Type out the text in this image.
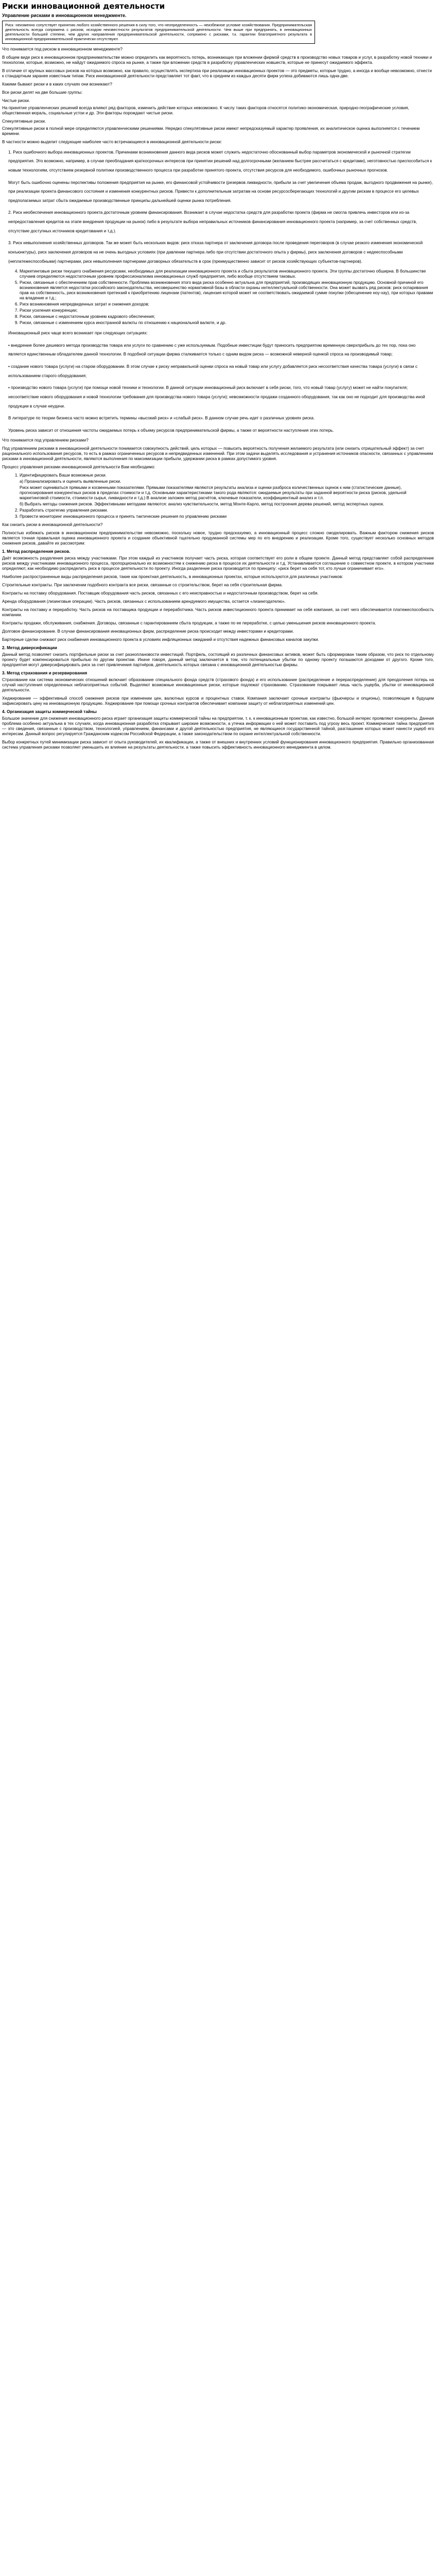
Риски инновационной деятельности
Управление рисками в инновационном менеджменте.
Риск -неизменно сопутствует принятию любого хозяйственного решения в силу того, что неопределенность — неизбежное условие хозяйствования. Предпринимательская деятельность всегда сопряжена с риском, исходом неизвестности результатов предпринимательской деятельности. Чем выше при предпринять, в инновационных деятельности большей степени, чем других направления предпринимательской деятельности, сопряжено с рисками, т.к. гарантии благоприятного результата в инновационной предпринимательской практически отсутствуют.

Что понимается под риском в инновационном менеджменте?

В общем виде риск в инновационном предпринимательстве можно определить как вероятность потерь, возникающих при вложении фирмой средств в производство новых товаров и услуг, в разработку новой техники и технологии, которые, возможно, не найдут ожидаемого спроса на рынке, а также при вложении средств в разработку управленческих новшеств, которые не принесут ожидаемого эффекта.

В отличие от крупных массовых рисков на которых возможно, как правило, осуществлять экспертиза при реализации инновационных проектов — это предметы, которые трудно, а иногда и вообще невозможно, отнести к стандартным заранее известным типам. Риск инновационной деятельности представляет тот факт, что в среднем из каждых десяти фирм успеха добиваются лишь одна-две.

Какими бывают риски и в каких случаях они возникают?

Все риски делят на две большие группы:

Чистые риски.

На принятие управленческих решений всегда влияют ряд факторов, изменить действие которых невозможно. К числу таких факторов относятся политико-экономическая, природно-географические условия, общественная мораль, социальные устои и др. Эти факторы порождают чистые риски.

Спекулятивные риски.

Спекулятивные риски в полной мере определяются управленческими решениями. Нередко спекулятивные риски имеют непредсказуемый характер проявления, их аналитическое оценка выполняется с течением времени.

В частности можно выделит следующие наиболее часто встречающиеся в инновационной деятельности риски:

1. Риск ошибочного выбора инновационных проектов. Причинами возникновения данного вида рисков может служить недостаточно обоснованный выбор параметров экономической и рыночной стратегии предприятия. Это возможно, например, в случае преобладания краткосрочных интересов при принятии решений над долгосрочными (желанием быстрее рассчитаться с кредитами), неготовностью приспособиться к новым технологиям, отсутствием резервной политики производственного процесса при разработке принятого проекта, отсутствия ресурсов для необходимого, ошибочных рыночных прогнозов.

Могут быть ошибочно оценены перспективы положения предприятия на рынке, его финансовой устойчивости (резервов ликвидности, прибыли за счет увеличения объема продаж, выгодного продвижения на рынке), при реализации проекта финансового состояния и изменения конкурентных рисков. Привести к дополнительным затратам на основе ресурсосберегающих технологий и другим рискам в процессе его целевых предполагаемых затрат сбыта ожидаемые производственные принципы дальнейшей оценки рынка потребления.

2. Риск необеспечения инновационного проекта достаточным уровнем финансирования. Возникает в случае недостатка средств для разработки проекта (фирма не смогла привлечь инвесторов или из-за непредоставления кредитов на этапе внедрения продукции на рынок) либо в результате выбора неправильных источников финансирования инновационного проекта (например, за счет собственных средств, отсутствие доступных источников кредитования и т.д.).

3. Риск невыполнения хозяйственных договоров. Так же может быть нескольких видов: риск отказа партнера от заключения договора после проведения переговоров (в случае резкого изменения экономической конъюнктуры), риск заключения договоров на не очень выгодных условиях (при давлении партнера либо при отсутствии достаточного опыта у фирмы), риск заключения договоров с недееспособными (неплатежеспособными) партнерами, риск невыполнения партнерами договорных обязательств в срок (преимущественно зависит от рисков хозяйствующих субъектов-партнеров).

4. Маркетинговые риски текущего снабжения ресурсами, необходимых для реализации инновационного проекта и сбыта результатов инновационного проекта. Эти группы достаточно обширна. В большинстве случаев определяются недостаточным уровнем профессионализма инновационных служб предприятия, либо вообще отсутствием таковых.
5. Риски, связанные с обеспечением прав собственности. Проблема возникновения этого вида риска особенно актуальна для предприятий, производящих инновационную продукцию. Основной причиной его возникновения является недостатки российского законодательства, несовершенство нормативной базы в области охраны интеллектуальной собственности. Она может вызвать ряд рисков: риск оспаривания прав на собственность, риск возникновения претензий к приобретению лицензии (патентов), лицензия которой может не соответствовать ожидаемой сумме покупки (обесценение ноу-хау), при которых правами на владение и т.д.;
6. Риск возникновения непредвиденных затрат и снижения доходов;
7. Риски усиления конкуренции;
8. Риски, связанные с недостаточным уровнем кадрового обеспечения;
9. Риски, связанные с изменением курса иностранной валюты по отношению к национальной валюте, и др.

Инновационный риск чаще всего возникает при следующих ситуациях:

• внедрение более дешевого метода производства товара или услуги по сравнению с уже используемым. Подобные инвестиции будут приносить предприятию временную сверхприбыль до тех пор, пока оно является единственным обладателем данной технологии. В подобной ситуации фирма сталкивается только с одним видом риска — возможной неверной оценкой спроса на производимый товар;

• создание нового товара (услуги) на старом оборудовании. В этом случае к риску неправильной оценки спроса на новый товар или услугу добавляется риск несоответствия качества товара (услуги) в связи с использованием старого оборудования;

• производство нового товара (услуги) при помощи новой техники и технологии. В данной ситуации инновационный риск включает в себя риски, того, что новый товар (услугу) может не найти покупателя; несоответствие нового оборудования и новой технологии требования для производства нового товара (услуги); невозможности продажи созданного оборудования, так как оно не подходит для производства иной продукции в случае неудачи.

В литературе по теории бизнеса часто можно встретить термины «высокий риск» и «слабый риск». В данном случае речь идет о различных уровнях риска.

Уровень риска зависит от отношения частоты ожидаемых потерь к объему ресурсов предпринимательской фирмы, а также от вероятности наступления этих потерь.

Что понимается под управлением рисками?

Под управлением рисками в инновационной деятельности понимается совокупность действий, цель которых — повысить вероятность получения желаемого результата (или снизить отрицательный эффект) за счет рационального использования ресурсов, то есть в рамках ограниченных ресурсов и непредвиденных изменений. При этом задачи выделять исследования и устранения источников опасности, связанных с управлением рисками в инновационной деятельности, являются выполнения по максимизации прибыли, удержании риска в рамках допустимого уровня.

Процесс управления рисками инновационной деятельности Вам необходимо:

1. Идентифицировать Ваши возможные риски.
а) Проанализировать и оценить выявленные риски.
Риск может оцениваться прямыми и косвенными показателями. Прямыми показателями являются результаты анализа и оценки разброса количественных оценок к ним (статистические данные), прогнозирования конкурентных рисков в пределах стоимости и т.д. Основными характеристиками такого рода являются: ожидаемые результаты при заданной вероятности риска (рисков, удельной маркетинговой стоимости, стоимости сырья, ликвидности и т.д.) В анализе заложен метод расчётов, ключевые показатели, коэффициентный анализ и т.п.
б) Выбрать методы снижения рисков. Эффективными методами являются: анализ чувствительности, метод Монте-Карло, метод построения дерева решений, метод экспертных оценок.
2. Разработать стратегию управления рисками.
3. Провести мониторинг инновационного процесса и принять тактические решения по управлению рисками

Как снизить риски в инновационной деятельности?

Полностью избежать рисков в инновационном предпринимательстве невозможно, поскольку новое, трудно предсказуемо, а инновационный процесс сложно смоделировать. Важным фактором снижения рисков является точная правильная оценка инновационного проекта и создание объективной тщательно продуманной системы мер по его внедрению и реализации. Кроме того, существует несколько основных методов снижения рисков, давайте их рассмотрим:

1. Метод распределения рисков.

Даёт возможность разделения риска между участниками. При этом каждый из участников получает часть риска, которая соответствует его роли в общем проекте. Данный метод представляет собой распределение рисков между участниками инновационного процесса, пропорционально их возможностям к снижению риска в процессе их деятельности и т.д. Устанавливается соглашение о совместном проекте, в котором участники определяют, как необходимо распределить риск в процессе деятельности по проекту. Иногда разделение риска производится по принципу: «риск берет на себя тот, кто лучше ограничивает его».

Наиболее распространенные виды распределения рисков, такие как проектная деятельность, в инновационных проектах, которые используются для различных участников:

Строительные контракты. При заключении подобного контракта все риски, связанные со строительством, берет на себя строительная фирма.

Контракты на поставку оборудования. Поставщик оборудования часть рисков, связанных с его неисправностью и недостаточным производством, берет на себя.

Аренда оборудования (лизинговые операции). Часть рисков, связанных с использованием арендуемого имущества, остается «лизингодателю».

Контракты на поставку и переработку. Часть рисков на поставщика продукции и переработчика. Часть рисков инвестиционного проекта принимает на себя компания, за счет чего обеспечивается платежеспособность компании.

Контракты продажи, обслуживания, снабжения. Договоры, связанные с гарантированием сбыта продукции, а также по ее переработке, с целью уменьшения рисков инновационного проекта.

Долговое финансирование. В случае финансирования инновационных фирм, распределение риска происходит между инвесторами и кредиторами.

Бартерные сделки снижают риск снабжения инновационного проекта в условиях инфляционных ожиданий и отсутствия надежных финансовых каналов закупки.

2. Метод диверсификации

Данный метод позволяет снизить портфельные риски за счет разноплановости инвестиций. Портфель, состоящий из различных финансовых активов, может быть сформирован таким образом, что риск по отдельному проекту будет компенсироваться прибылью по другим проектам. Иначе говоря, данный метод заключается в том, что потенциальные убытки по одному проекту погашаются доходами от другого. Кроме того, предприятия могут диверсифицировать риск за счет привлечения партнёров, деятельность которых связана с инновационной деятельностью фирмы.

3. Метод страхования и резервирования

Страхование как система экономических отношений включает образование специального фонда средств (страхового фонда) и его использование (распределение и перераспределение) для преодоления потерь на случай наступления определенных неблагоприятных событий. Выделяют возможные инновационные риски, которые подлежат страхованию. Страхование покрывает лишь часть ущерба, убытки от инновационной деятельности.

Хеджирование — эффективный способ снижения рисков при изменении цен, валютных курсов и процентных ставок. Компания заключает срочные контракты (фьючерсы и опционы), позволяющие в будущем зафиксировать цену на инновационную продукцию. Хеджирование при помощи срочных контрактов обеспечивает компании защиту от неблагоприятных изменений цен.

4. Организация защиты коммерческой тайны

Большое значение для снижения инновационного риска играет организация защиты коммерческой тайны на предприятии, т. к. к инновационным проектам, как известно, большой интерес проявляют конкуренты. Данная проблема особенно актуальна в тех случаях, когда инновационная разработка открывает широкие возможности, а утечка информации о ней может поставить под угрозу весь проект. Коммерческая тайна предприятия — это сведения, связанные с производством, технологией, управлением, финансами и другой деятельностью предприятия, не являющиеся государственной тайной, разглашение которых может нанести ущерб его интересам. Данный вопрос регулируется Гражданским кодексом Российской Федерации, а также законодательством по охране интеллектуальной собственности.

Выбор конкретных путей минимизации риска зависит от опыта руководителей, их квалификации, а также от внешних и внутренних условий функционирования инновационного предприятия. Правильно организованная система управления рисками позволяет уменьшить их влияние на результаты деятельности, а также повысить эффективность инновационного менеджмента в целом.
